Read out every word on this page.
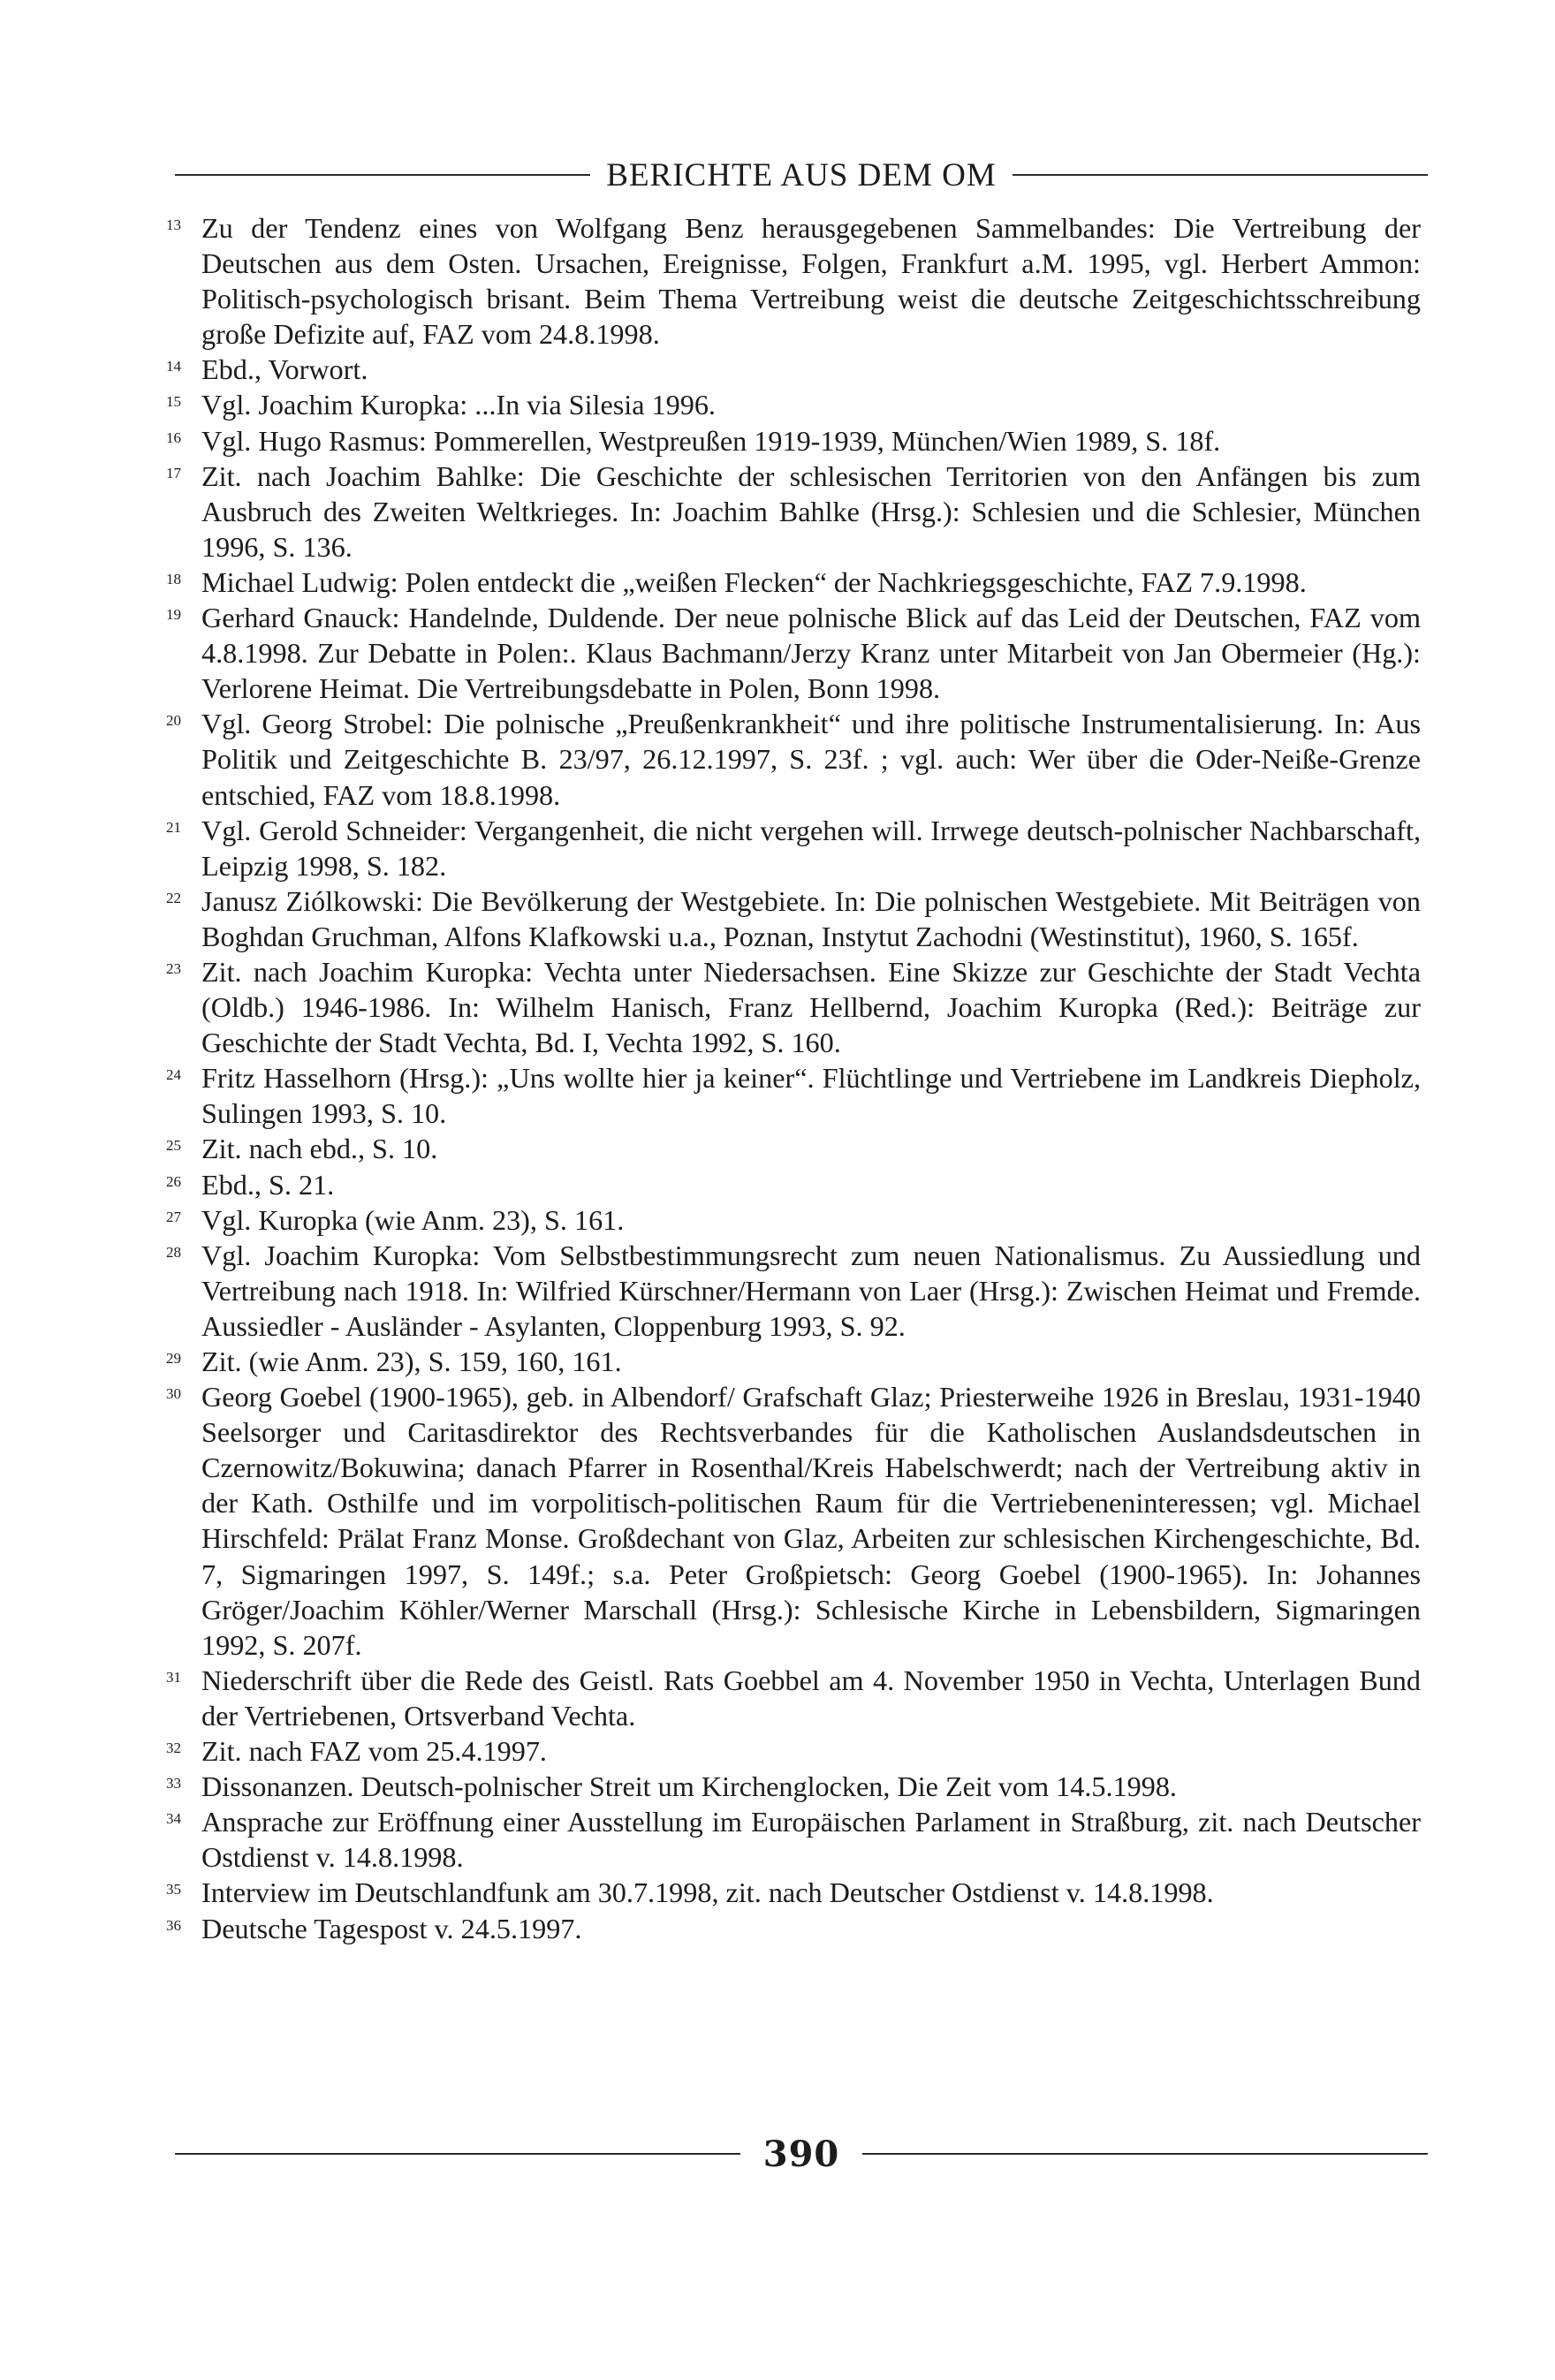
BERICHTE AUS DEM OM
13 Zu der Tendenz eines von Wolfgang Benz herausgegebenen Sammelbandes: Die Vertreibung der Deutschen aus dem Osten. Ursachen, Ereignisse, Folgen, Frankfurt a.M. 1995, vgl. Herbert Ammon: Politisch-psychologisch brisant. Beim Thema Vertreibung weist die deutsche Zeitgeschichtsschreibung große Defizite auf, FAZ vom 24.8.1998.
14 Ebd., Vorwort.
15 Vgl. Joachim Kuropka: ...In via Silesia 1996.
16 Vgl. Hugo Rasmus: Pommerellen, Westpreußen 1919-1939, München/Wien 1989, S. 18f.
17 Zit. nach Joachim Bahlke: Die Geschichte der schlesischen Territorien von den Anfängen bis zum Ausbruch des Zweiten Weltkrieges. In: Joachim Bahlke (Hrsg.): Schlesien und die Schlesier, München 1996, S. 136.
18 Michael Ludwig: Polen entdeckt die „weißen Flecken“ der Nachkriegsgeschichte, FAZ 7.9.1998.
19 Gerhard Gnauck: Handelnde, Duldende. Der neue polnische Blick auf das Leid der Deutschen, FAZ vom 4.8.1998. Zur Debatte in Polen:. Klaus Bachmann/Jerzy Kranz unter Mitarbeit von Jan Obermeier (Hg.): Verlorene Heimat. Die Vertreibungsdebatte in Polen, Bonn 1998.
20 Vgl. Georg Strobel: Die polnische „Preußenkrankheit“ und ihre politische Instrumentalisierung. In: Aus Politik und Zeitgeschichte B. 23/97, 26.12.1997, S. 23f. ; vgl. auch: Wer über die Oder-Neiße-Grenze entschied, FAZ vom 18.8.1998.
21 Vgl. Gerold Schneider: Vergangenheit, die nicht vergehen will. Irrwege deutsch-polnischer Nachbarschaft, Leipzig 1998, S. 182.
22 Janusz Ziólkowski: Die Bevölkerung der Westgebiete. In: Die polnischen Westgebiete. Mit Beiträgen von Boghdan Gruchman, Alfons Klafkowski u.a., Poznan, Instytut Zachodni (Westinstitut), 1960, S. 165f.
23 Zit. nach Joachim Kuropka: Vechta unter Niedersachsen. Eine Skizze zur Geschichte der Stadt Vechta (Oldb.) 1946-1986. In: Wilhelm Hanisch, Franz Hellbernd, Joachim Kuropka (Red.): Beiträge zur Geschichte der Stadt Vechta, Bd. I, Vechta 1992, S. 160.
24 Fritz Hasselhorn (Hrsg.): „Uns wollte hier ja keiner“. Flüchtlinge und Vertriebene im Landkreis Diepholz, Sulingen 1993, S. 10.
25 Zit. nach ebd., S. 10.
26 Ebd., S. 21.
27 Vgl. Kuropka (wie Anm. 23), S. 161.
28 Vgl. Joachim Kuropka: Vom Selbstbestimmungsrecht zum neuen Nationalismus. Zu Aussiedlung und Vertreibung nach 1918. In: Wilfried Kürschner/Hermann von Laer (Hrsg.): Zwischen Heimat und Fremde. Aussiedler - Ausländer - Asylanten, Cloppenburg 1993, S. 92.
29 Zit. (wie Anm. 23), S. 159, 160, 161.
30 Georg Goebel (1900-1965), geb. in Albendorf/ Grafschaft Glaz; Priesterweihe 1926 in Breslau, 1931-1940 Seelsorger und Caritasdirektor des Rechtsverbandes für die Katholischen Auslandsdeutschen in Czernowitz/Bokuwina; danach Pfarrer in Rosenthal/Kreis Habelschwerdt; nach der Vertreibung aktiv in der Kath. Osthilfe und im vorpolitisch-politischen Raum für die Vertriebeneninteressen; vgl. Michael Hirschfeld: Prälat Franz Monse. Großdechant von Glaz, Arbeiten zur schlesischen Kirchengeschichte, Bd. 7, Sigmaringen 1997, S. 149f.; s.a. Peter Großpietsch: Georg Goebel (1900-1965). In: Johannes Gröger/Joachim Köhler/Werner Marschall (Hrsg.): Schlesische Kirche in Lebensbildern, Sigmaringen 1992, S. 207f.
31 Niederschrift über die Rede des Geistl. Rats Goebbel am 4. November 1950 in Vechta, Unterlagen Bund der Vertriebenen, Ortsverband Vechta.
32 Zit. nach FAZ vom 25.4.1997.
33 Dissonanzen. Deutsch-polnischer Streit um Kirchenglocken, Die Zeit vom 14.5.1998.
34 Ansprache zur Eröffnung einer Ausstellung im Europäischen Parlament in Straßburg, zit. nach Deutscher Ostdienst v. 14.8.1998.
35 Interview im Deutschlandfunk am 30.7.1998, zit. nach Deutscher Ostdienst v. 14.8.1998.
36 Deutsche Tagespost v. 24.5.1997.
390
